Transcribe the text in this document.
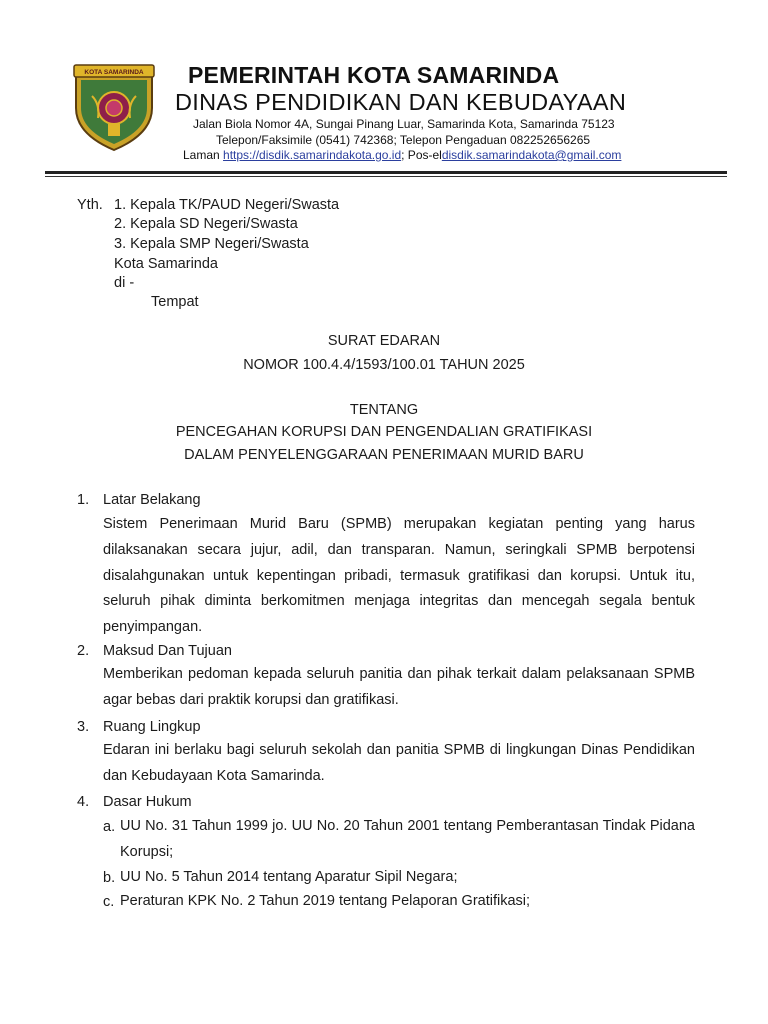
KOTA SAMARINDA PEMERINTAH KOTA SAMARINDA
DINAS PENDIDIKAN DAN KEBUDAYAAN
Jalan Biola Nomor 4A, Sungai Pinang Luar, Samarinda Kota, Samarinda 75123
Telepon/Faksimile (0541) 742368; Telepon Pengaduan 082252656265
Laman https://disdik.samarindakota.go.id; Pos-eldisdik.samarindakota@gmail.com
Yth. 1. Kepala TK/PAUD Negeri/Swasta
2. Kepala SD Negeri/Swasta
3. Kepala SMP Negeri/Swasta
Kota Samarinda
di -
Tempat
SURAT EDARAN
NOMOR 100.4.4/1593/100.01 TAHUN 2025
TENTANG
PENCEGAHAN KORUPSI DAN PENGENDALIAN GRATIFIKASI
DALAM PENYELENGGARAAN PENERIMAAN MURID BARU
1. Latar Belakang
Sistem Penerimaan Murid Baru (SPMB) merupakan kegiatan penting yang harus dilaksanakan secara jujur, adil, dan transparan. Namun, seringkali SPMB berpotensi disalahgunakan untuk kepentingan pribadi, termasuk gratifikasi dan korupsi. Untuk itu, seluruh pihak diminta berkomitmen menjaga integritas dan mencegah segala bentuk penyimpangan.
2. Maksud Dan Tujuan
Memberikan pedoman kepada seluruh panitia dan pihak terkait dalam pelaksanaan SPMB agar bebas dari praktik korupsi dan gratifikasi.
3. Ruang Lingkup
Edaran ini berlaku bagi seluruh sekolah dan panitia SPMB di lingkungan Dinas Pendidikan dan Kebudayaan Kota Samarinda.
4. Dasar Hukum
a. UU No. 31 Tahun 1999 jo. UU No. 20 Tahun 2001 tentang Pemberantasan Tindak Pidana Korupsi;
b. UU No. 5 Tahun 2014 tentang Aparatur Sipil Negara;
c. Peraturan KPK No. 2 Tahun 2019 tentang Pelaporan Gratifikasi;
